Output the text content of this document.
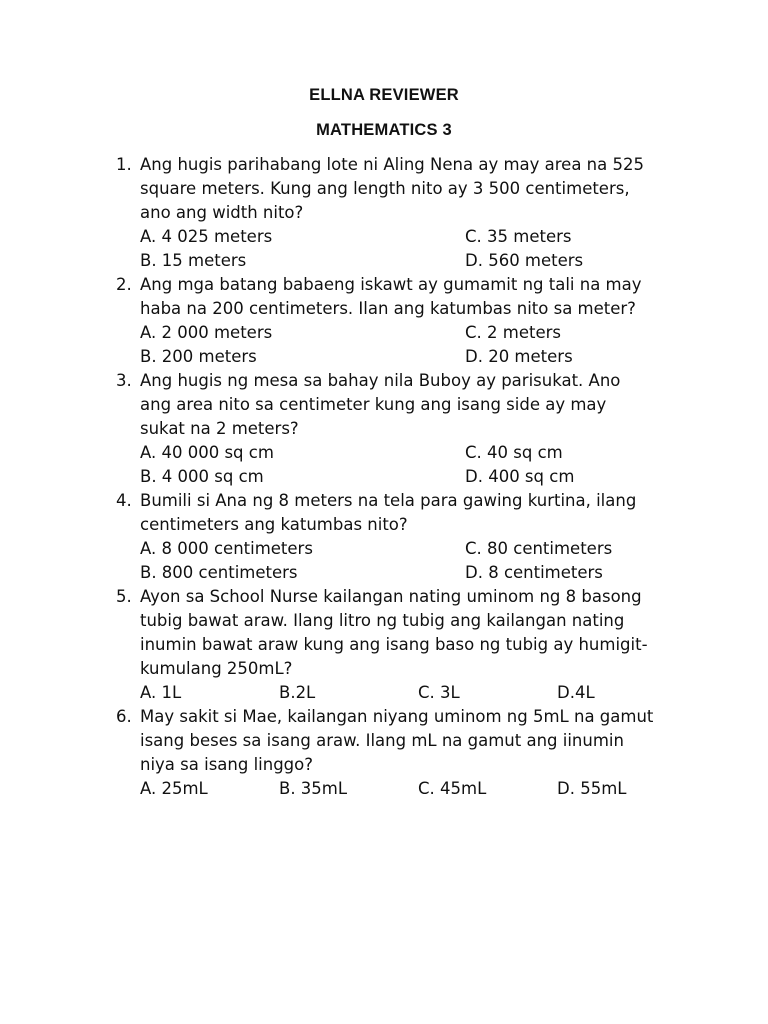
ELLNA REVIEWER
MATHEMATICS 3
1. Ang hugis parihabang lote ni Aling Nena ay may area na 525 square meters. Kung ang length nito ay 3 500 centimeters, ano ang width nito?
A. 4 025 meters	C. 35 meters
B. 15 meters	D. 560 meters
2. Ang mga batang babaeng iskawt ay gumamit ng tali na may haba na 200 centimeters. Ilan ang katumbas nito sa meter?
A. 2 000 meters	C. 2 meters
B. 200 meters	D. 20 meters
3. Ang hugis ng mesa sa bahay nila Buboy ay parisukat. Ano ang area nito sa centimeter kung ang isang side ay may sukat na 2 meters?
A. 40 000 sq cm	C. 40 sq cm
B. 4 000 sq cm	D. 400 sq cm
4. Bumili si Ana ng 8 meters na tela para gawing kurtina, ilang centimeters ang katumbas nito?
A. 8 000 centimeters	C. 80 centimeters
B. 800 centimeters	D. 8 centimeters
5. Ayon sa School Nurse kailangan nating uminom ng 8 basong tubig bawat araw. Ilang litro ng tubig ang kailangan nating inumin bawat araw kung ang isang baso ng tubig ay humigit-kumulang 250mL?
A. 1L	B.2L	C. 3L	D.4L
6. May sakit si Mae, kailangan niyang uminom ng 5mL na gamut isang beses sa isang araw. Ilang mL na gamut ang iinumin niya sa isang linggo?
A. 25mL	B. 35mL	C. 45mL	D. 55mL
